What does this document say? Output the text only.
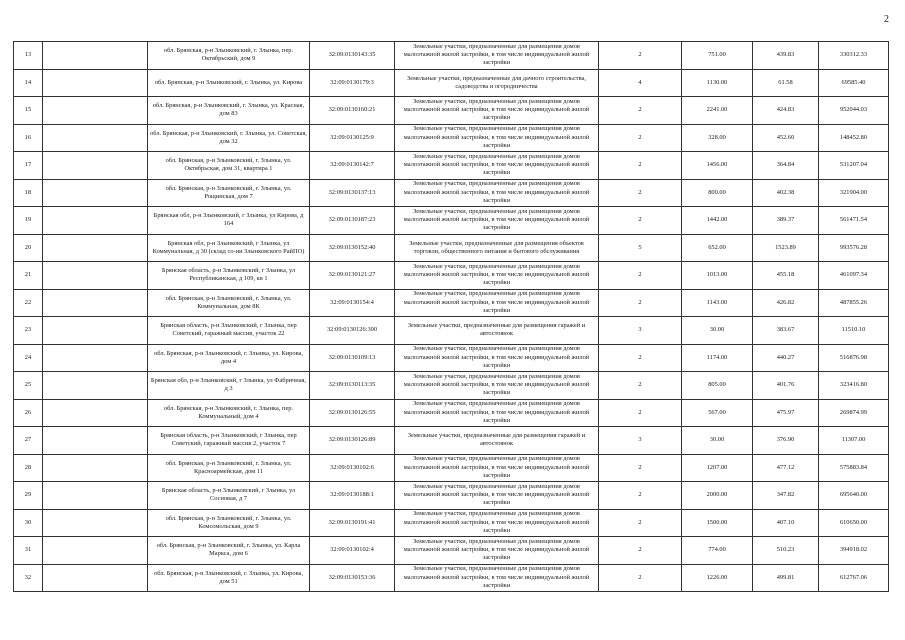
2
13		обл. Брянская, р-н Злынковский, г. Злынка, пер. Октябрьский, дом 9	32:09:0130143:35	Земельные участки, предназначенные для размещения домов малоэтажной жилой застройки, в том числе индивидуальной жилой застройки	2	751.00	439.83	330312.33
14		обл. Брянская, р-н Злынковский, г. Злынка, ул. Кирова	32:09:0130179:3	Земельные участки, предназначенные для дачного строительства, садоводства и огородничества	4	1130.00	61.58	69585.40
15		обл. Брянская, р-н Злынковский, г. Злынка, ул. Красная, дом 83	32:09:0130160:21	Земельные участки, предназначенные для размещения домов малоэтажной жилой застройки, в том числе индивидуальной жилой застройки	2	2241.00	424.83	952044.03
16		обл. Брянская, р-н Злынковский, г. Злынка, ул. Советская, дом 32	32:09:0130125:9	Земельные участки, предназначенные для размещения домов малоэтажной жилой застройки, в том числе индивидуальной жилой застройки	2	328.00	452.60	148452.80
17		обл. Брянская, р-н Злынковский, г. Злынка, ул. Октябрьская, дом 31, квартира 1	32:09:0130142:7	Земельные участки, предназначенные для размещения домов малоэтажной жилой застройки, в том числе индивидуальной жилой застройки	2	1456.00	364.84	531207.04
18		обл. Брянская, р-н Злынковский, г. Злынка, ул. Рощинская, дом 7	32:09:0130137:13	Земельные участки, предназначенные для размещения домов малоэтажной жилой застройки, в том числе индивидуальной жилой застройки	2	800.00	402.38	321904.00
19		Брянская обл, р-н Злынковский, г Злынка, ул Кирова, д 164	32:09:0130187:23	Земельные участки, предназначенные для размещения домов малоэтажной жилой застройки, в том числе индивидуальной жилой застройки	2	1442.00	389.37	561471.54
20		Брянская обл, р-н Злынковский, г Злынка, ул Коммунальная, д 30 (склад со-ии Злынковского РайПО)	32:09:0130152:40	Земельные участки, предназначенные для размещения объектов торговли, общественного питания и бытового обслуживания	5	652.00	1523.89	993576.28
21		Брянская область, р-н Злынковский, г Злынка, ул Республиканская, д 109, кв 1	32:09:0130121:27	Земельные участки, предназначенные для размещения домов малоэтажной жилой застройки, в том числе индивидуальной жилой застройки	2	1013.00	455.18	461097.34
22		обл. Брянская, р-н Злынковский, г. Злынка, ул. Коммунальная, дом 8К	32:09:0130154:4	Земельные участки, предназначенные для размещения домов малоэтажной жилой застройки, в том числе индивидуальной жилой застройки	2	1143.00	426.82	487855.26
23		Брянская область, р-н Злынковский, г Злынка, пер Советский, гаражный массив, участок 22	32:09:0130126:300	Земельные участки, предназначенные для размещения гаражей и автостоянок	3	30.00	383.67	11510.10
24		обл. Брянская, р-н Злынковский, г. Злынка, ул. Кирова, дом 4	32:09:0130109:13	Земельные участки, предназначенные для размещения домов малоэтажной жилой застройки, в том числе индивидуальной жилой застройки	2	1174.00	440.27	516876.98
25		Брянская обл, р-н Злынковский, г Злынка, ул Фабричная, д 3	32:09:0130113:35	Земельные участки, предназначенные для размещения домов малоэтажной жилой застройки, в том числе индивидуальной жилой застройки	2	805.00	401.76	323416.80
26		обл. Брянская, р-н Злынковский, г. Злынка, пер. Коммунальный, дом 4	32:09:0130126:55	Земельные участки, предназначенные для размещения домов малоэтажной жилой застройки, в том числе индивидуальной жилой застройки	2	567.00	475.97	269874.99
27		Брянская область, р-н Злынковский, г Злынка, пер Советский, гаражный массив 2, участок 7	32:09:0130126:89	Земельные участки, предназначенные для размещения гаражей и автостоянок	3	30.00	376.90	11307.00
28		обл. Брянская, р-н Злынковский, г. Злынка, ул. Красноармейская, дом 11	32:09:0130102:6	Земельные участки, предназначенные для размещения домов малоэтажной жилой застройки, в том числе индивидуальной жилой застройки	2	1207.00	477.12	575883.84
29		Брянская область, р-н Злынковский, г Злынка, ул Сосновая, д 7	32:09:0130188:1	Земельные участки, предназначенные для размещения домов малоэтажной жилой застройки, в том числе индивидуальной жилой застройки	2	2000.00	347.82	695640.00
30		обл. Брянская, р-н Злынковский, г. Злынка, ул. Комсомольская, дом 9	32:09:0130191:41	Земельные участки, предназначенные для размещения домов малоэтажной жилой застройки, в том числе индивидуальной жилой застройки	2	1500.00	407.10	610650.00
31		обл. Брянская, р-н Злынковский, г. Злынка, ул. Карла Маркса, дом 6	32:09:0130102:4	Земельные участки, предназначенные для размещения домов малоэтажной жилой застройки, в том числе индивидуальной жилой застройки	2	774.00	510.23	394918.02
32		обл. Брянская, р-н Злынковский, г. Злынка, ул. Кирова, дом 51	32:09:0130153:36	Земельные участки, предназначенные для размещения домов малоэтажной жилой застройки, в том числе индивидуальной жилой застройки	2	1226.00	499.81	612767.06
